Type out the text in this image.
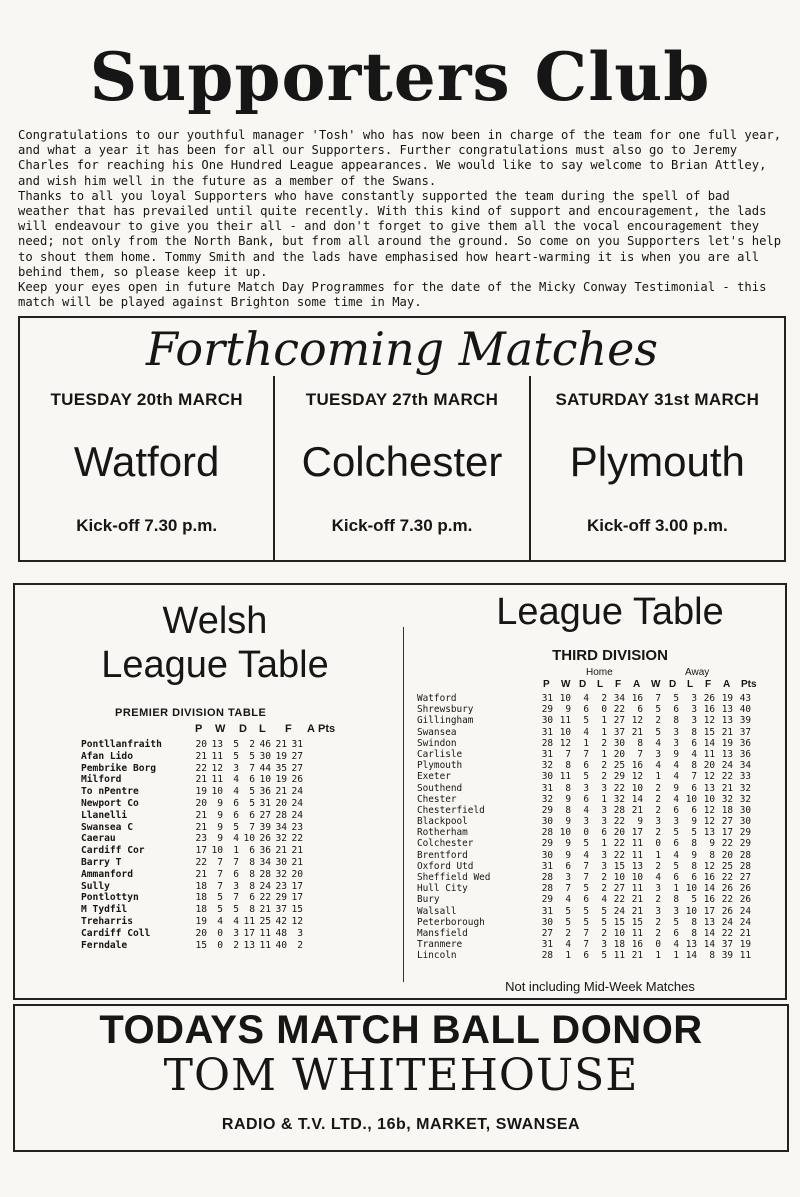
Supporters Club

Congratulations to our youthful manager 'Tosh' who has now been in charge of the team for one full year, and what a year it has been for all our Supporters. Further congratulations must also go to Jeremy Charles for reaching his One Hundred League appearances. We would like to say welcome to Brian Attley, and wish him well in the future as a member of the Swans.

Thanks to all you loyal Supporters who have constantly supported the team during the spell of bad weather that has prevailed until quite recently. With this kind of support and encouragement, the lads will endeavour to give you their all - and don't forget to give them all the vocal encouragement they need; not only from the North Bank, but from all around the ground. So come on you Supporters let's help to shout them home. Tommy Smith and the lads have emphasised how heart-warming it is when you are all behind them, so please keep it up.

Keep your eyes open in future Match Day Programmes for the date of the Micky Conway Testimonial - this match will be played against Brighton some time in May.

Forthcoming Matches
TUESDAY 20th MARCH
Watford
Kick-off 7.30 p.m.
TUESDAY 27th MARCH
Colchester
Kick-off 7.30 p.m.
SATURDAY 31st MARCH
Plymouth
Kick-off 3.00 p.m.
Welsh
League Table
PREMIER DIVISION TABLE
P W D L F A Pts
Pontllanfraith	20 13	5	2 46 21 31
Afan Lido	21 11	5	5 30 19 27
Pembrike Borg	22 12	3	7 44 35 27
Milford	21 11	4	6 10 19 26
To nPentre	19 10	4	5 36 21 24
Newport Co	20	9	6	5 31 20 24
Llanelli	21	9	6	6 27 28 24
Swansea C	21	9	5	7 39 34 23
Caerau	23	9	4 10 26 32 22
Cardiff Cor	17 10	1	6 36 21 21
Barry T	22	7	7	8 34 30 21
Ammanford	21	7	6	8 28 32 20
Sully	18	7	3	8 24 23 17
Pontlottyn	18	5	7	6 22 29 17
M Tydfil	18	5	5	8 21 37 15
Treharris	19	4	4 11 25 42 12
Cardiff Coll	20	0	3 17 11 48	3
Ferndale	15	0	2 13 11 40	2
League Table
THIRD DIVISION
Home	Away
P W D L F A W D L F A Pts
Watford	31 10	4	2 34 16	7	5	3 26 19 43
Shrewsbury	29	9	6	0 22	6	5	6	3 16 13 40
Gillingham	30 11	5	1 27 12	2	8	3 12 13 39
Swansea	31 10	4	1 37 21	5	3	8 15 21 37
Swindon	28 12	1	2 30	8	4	3	6 14 19 36
Carlisle	31	7	7	1 20	7	3	9	4 11 13 36
Plymouth	32	8	6	2 25 16	4	4	8 20 24 34
Exeter	30 11	5	2 29 12	1	4	7 12 22 33
Southend	31	8	3	3 22 10	2	9	6 13 21 32
Chester	32	9	6	1 32 14	2	4 10 10 32 32
Chesterfield	29	8	4	3 28 21	2	6	6 12 18 30
Blackpool	30	9	3	3 22	9	3	3	9 12 27 30
Rotherham	28 10	0	6 20 17	2	5	5 13 17 29
Colchester	29	9	5	1 22 11	0	6	8	9 22 29
Brentford	30	9	4	3 22 11	1	4	9	8 20 28
Oxford Utd	31	6	7	3 15 13	2	5	8 12 25 28
Sheffield Wed	28	3	7	2 10 10	4	6	6 16 22 27
Hull City	28	7	5	2 27 11	3	1 10 14 26 26
Bury	29	4	6	4 22 21	2	8	5 16 22 26
Walsall	31	5	5	5 24 21	3	3 10 17 26 24
Peterborough	30	5	5	5 15 15	2	5	8 13 24 24
Mansfield	27	2	7	2 10 11	2	6	8 14 22 21
Tranmere	31	4	7	3 18 16	0	4 13 14 37 19
Lincoln	28	1	6	5 11 21	1	1 14	8 39 11
Not including Mid-Week Matches
TODAYS MATCH BALL DONOR
TOM WHITEHOUSE
RADIO & T.V. LTD., 16b, MARKET, SWANSEA
